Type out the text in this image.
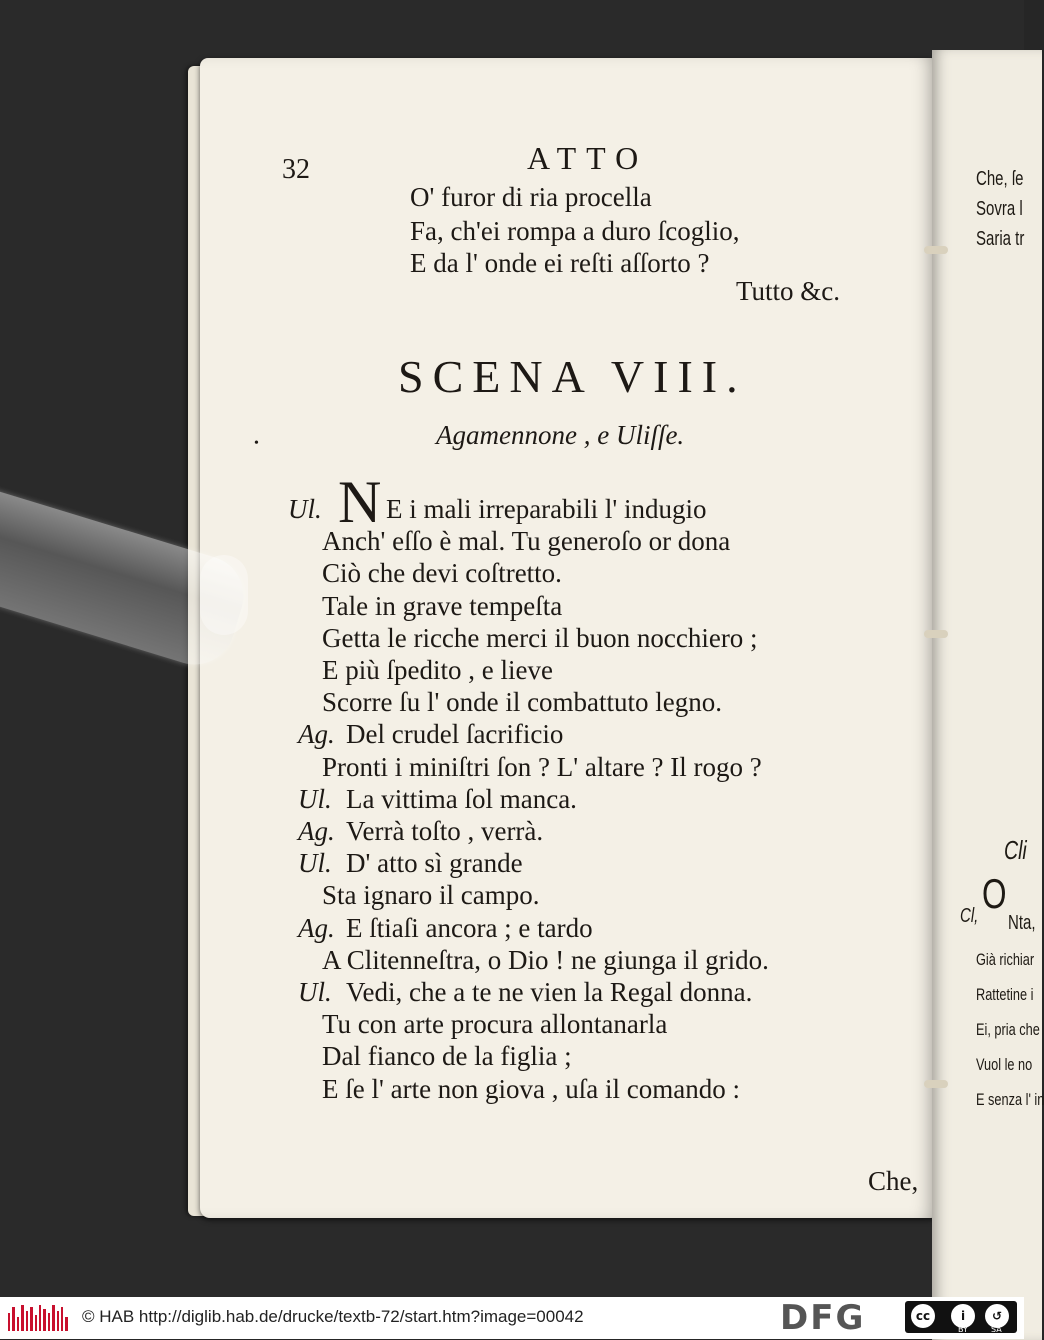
Che, ſe
Sovra l
Saria tr
Cli
Cl, O
Nta,
Già richiar
Rattetine i
Ei, pria che
Vuol le no
E senza l' in
32	ATTO
O' furor di ria procella
Fa, ch'ei rompa a duro ſcoglio,
E da l' onde ei reſti aſſorto ?
Tutto &c.
SCENA VIII.
•	Agamennone , e Uliſſe.
N
Ul. E i mali irreparabili l' indugio
Anch' eſſo è mal. Tu generoſo or dona
Ciò che devi coſtretto.
Tale in grave tempeſta
Getta le ricche merci il buon nocchiero ;
E più ſpedito , e lieve
Scorre ſu l' onde il combattuto legno.
Ag. Del crudel ſacrificio
Pronti i miniſtri ſon ? L' altare ? Il rogo ?
Ul. La vittima ſol manca.
Ag. Verrà toſto , verrà.
Ul. D' atto sì grande
Sta ignaro il campo.
Ag. E ſtiaſi ancora ; e tardo
A Clitenneſtra, o Dio ! ne giunga il grido.
Ul. Vedi, che a te ne vien la Regal donna.
Tu con arte procura allontanarla
Dal fianco de la figlia ;
E ſe l' arte non giova , uſa il comando :
Che,
© HAB http://diglib.hab.de/drucke/textb-72/start.htm?image=00042	DFG	cc	i	↺
BY	SA
